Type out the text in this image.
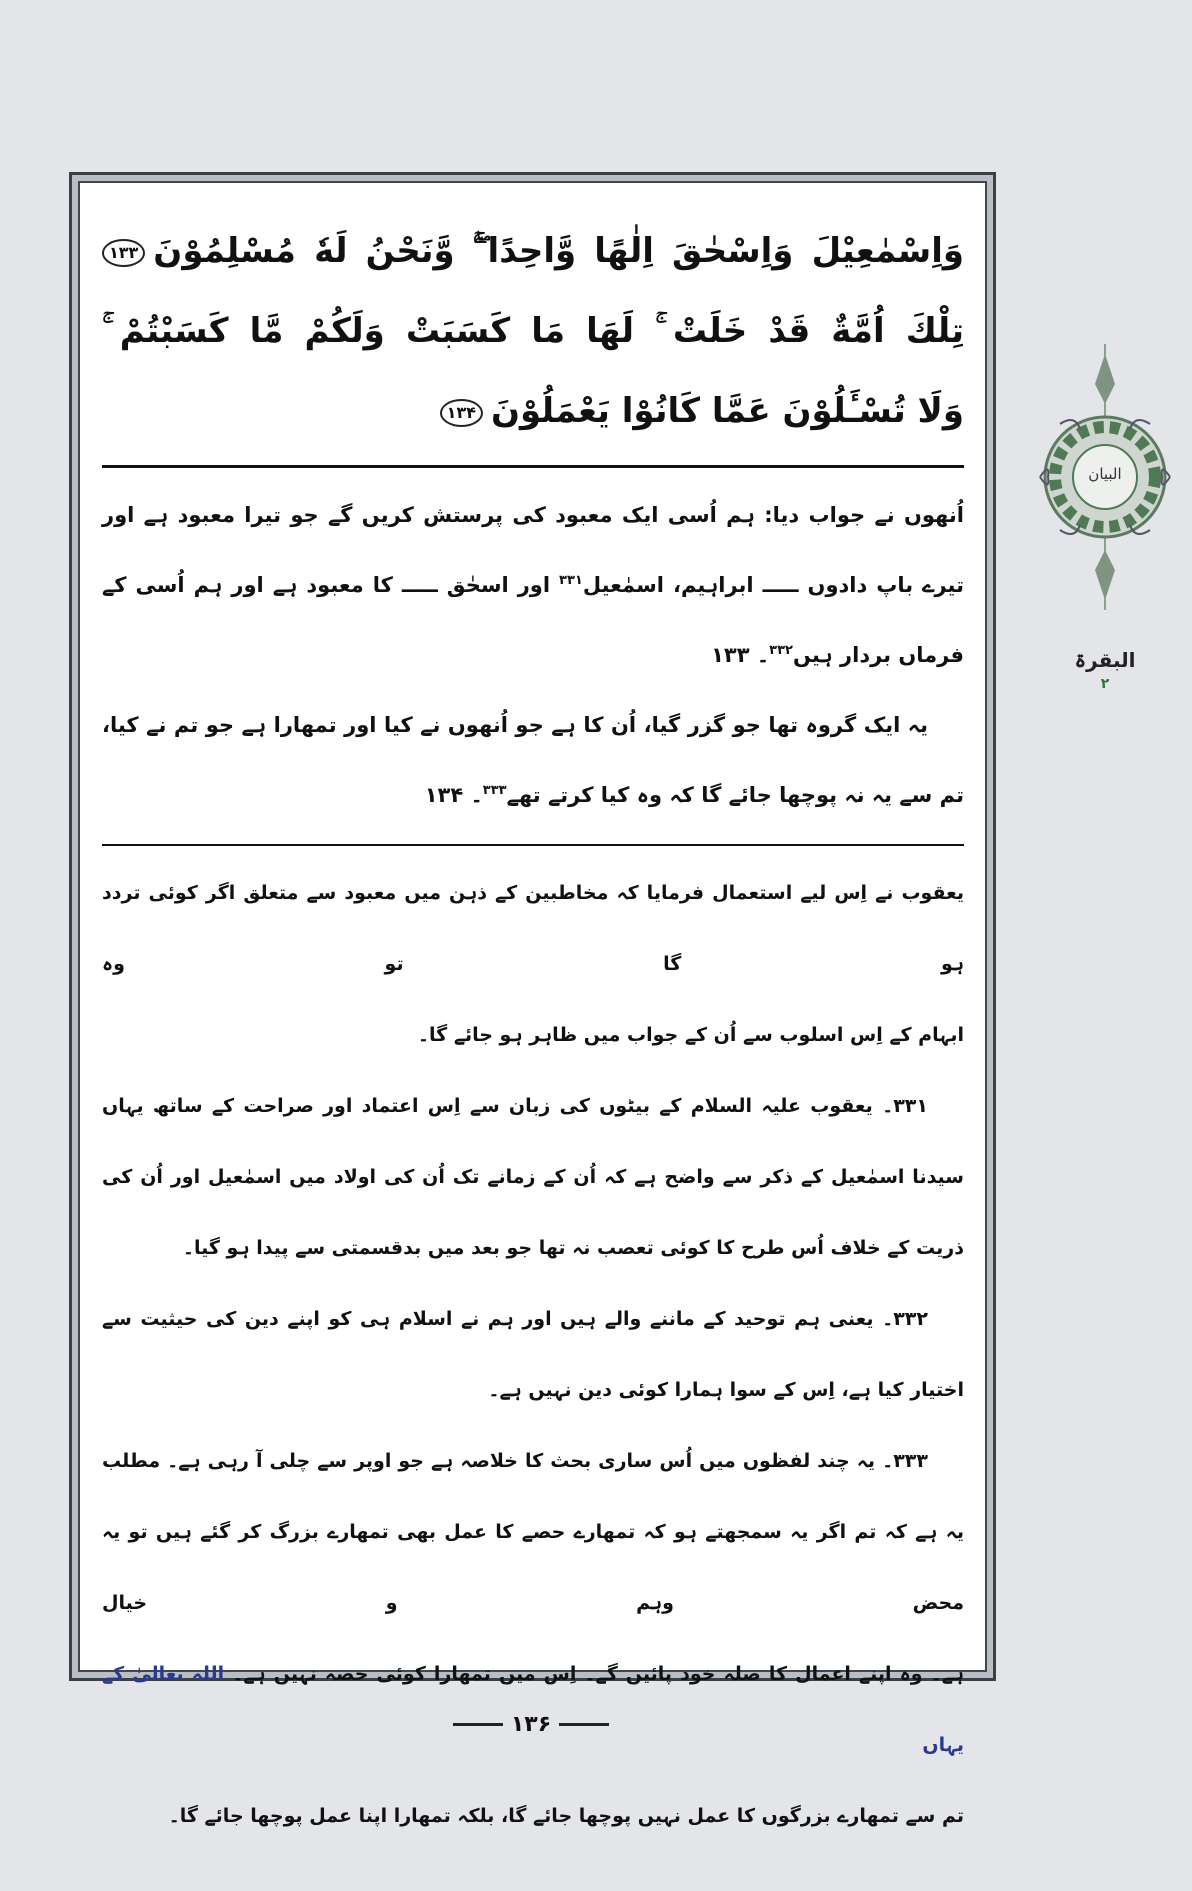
وَاِسْمٰعِيْلَ وَاِسْحٰقَ اِلٰهًا وَّاحِدًا ۖۚ وَّنَحْنُ لَهٗ مُسْلِمُوْنَ۱۳۳
تِلْكَ اُمَّةٌ قَدْ خَلَتْ ۚ لَهَا مَا كَسَبَتْ وَلَكُمْ مَّا كَسَبْتُمْ ۚ
وَلَا تُسْـَٔلُوْنَ عَمَّا كَانُوْا يَعْمَلُوْنَ۱۳۴
اُنھوں نے جواب دیا: ہم اُسی ایک معبود کی پرستش کریں گے جو تیرا معبود ہے اور
تیرے باپ دادوں ـــــ ابراہیم، اسمٰعیل$^{۳۳۱}$ اور اسحٰق ـــــ کا معبود ہے اور ہم اُسی کے
فرماں بردار ہیں$^{۳۳۲}$۔ ۱۳۳
یہ ایک گروہ تھا جو گزر گیا، اُن کا ہے جو اُنھوں نے کیا اور تمھارا ہے جو تم نے کیا،
تم سے یہ نہ پوچھا جائے گا کہ وہ کیا کرتے تھے$^{۳۳۳}$۔ ۱۳۴
یعقوب نے اِس لیے استعمال فرمایا کہ مخاطبین کے ذہن میں معبود سے متعلق اگر کوئی تردد ہو گا تو وہ
ابہام کے اِس اسلوب سے اُن کے جواب میں ظاہر ہو جائے گا۔
۳۳۱۔ یعقوب علیہ السلام کے بیٹوں کی زبان سے اِس اعتماد اور صراحت کے ساتھ یہاں
سیدنا اسمٰعیل کے ذکر سے واضح ہے کہ اُن کے زمانے تک اُن کی اولاد میں اسمٰعیل اور اُن کی
ذریت کے خلاف اُس طرح کا کوئی تعصب نہ تھا جو بعد میں بدقسمتی سے پیدا ہو گیا۔
۳۳۲۔ یعنی ہم توحید کے ماننے والے ہیں اور ہم نے اسلام ہی کو اپنے دین کی حیثیت سے
اختیار کیا ہے، اِس کے سوا ہمارا کوئی دین نہیں ہے۔
۳۳۳۔ یہ چند لفظوں میں اُس ساری بحث کا خلاصہ ہے جو اوپر سے چلی آ رہی ہے۔ مطلب
یہ ہے کہ تم اگر یہ سمجھتے ہو کہ تمھارے حصے کا عمل بھی تمھارے بزرگ کر گئے ہیں تو یہ محض وہم و خیال
ہے۔ وہ اپنے اعمال کا صلہ خود پائیں گے۔ اِس میں تمھارا کوئی حصہ نہیں ہے۔ اللہ تعالیٰ کے یہاں
تم سے تمھارے بزرگوں کا عمل نہیں پوچھا جائے گا، بلکہ تمھارا اپنا عمل پوچھا جائے گا۔
البیان
البقرۃ
۲
۱۳۶
